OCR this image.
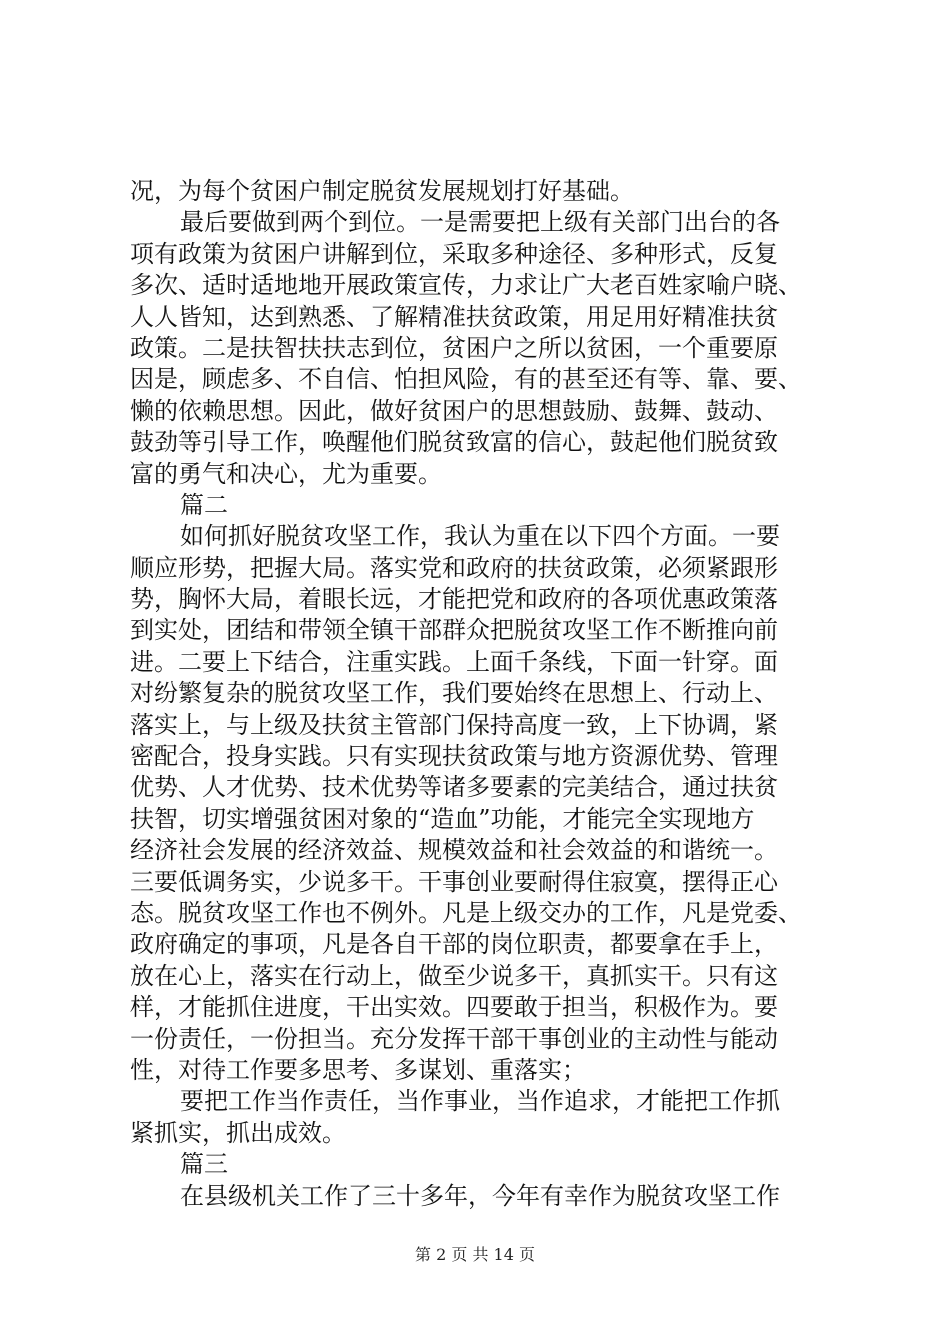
况，为每个贫困户制定脱贫发展规划打好基础。
最后要做到两个到位。一是需要把上级有关部门出台的各
项有政策为贫困户讲解到位，采取多种途径、多种形式，反复
多次、适时适地地开展政策宣传，力求让广大老百姓家喻户晓、
人人皆知，达到熟悉、了解精准扶贫政策，用足用好精准扶贫
政策。二是扶智扶扶志到位，贫困户之所以贫困，一个重要原
因是，顾虑多、不自信、怕担风险，有的甚至还有等、靠、要、
懒的依赖思想。因此，做好贫困户的思想鼓励、鼓舞、鼓动、
鼓劲等引导工作，唤醒他们脱贫致富的信心，鼓起他们脱贫致
富的勇气和决心，尤为重要。
篇二
如何抓好脱贫攻坚工作，我认为重在以下四个方面。一要
顺应形势，把握大局。落实党和政府的扶贫政策，必须紧跟形
势，胸怀大局，着眼长远，才能把党和政府的各项优惠政策落
到实处，团结和带领全镇干部群众把脱贫攻坚工作不断推向前
进。二要上下结合，注重实践。上面千条线，下面一针穿。面
对纷繁复杂的脱贫攻坚工作，我们要始终在思想上、行动上、
落实上，与上级及扶贫主管部门保持高度一致，上下协调，紧
密配合，投身实践。只有实现扶贫政策与地方资源优势、管理
优势、人才优势、技术优势等诸多要素的完美结合，通过扶贫
扶智，切实增强贫困对象的“造血”功能，才能完全实现地方
经济社会发展的经济效益、规模效益和社会效益的和谐统一。
三要低调务实，少说多干。干事创业要耐得住寂寞，摆得正心
态。脱贫攻坚工作也不例外。凡是上级交办的工作，凡是党委、
政府确定的事项，凡是各自干部的岗位职责，都要拿在手上，
放在心上，落实在行动上，做至少说多干，真抓实干。只有这
样，才能抓住进度，干出实效。四要敢于担当，积极作为。要
一份责任，一份担当。充分发挥干部干事创业的主动性与能动
性，对待工作要多思考、多谋划、重落实；
要把工作当作责任，当作事业，当作追求，才能把工作抓
紧抓实，抓出成效。
篇三
在县级机关工作了三十多年，今年有幸作为脱贫攻坚工作
第 2 页 共 14 页
